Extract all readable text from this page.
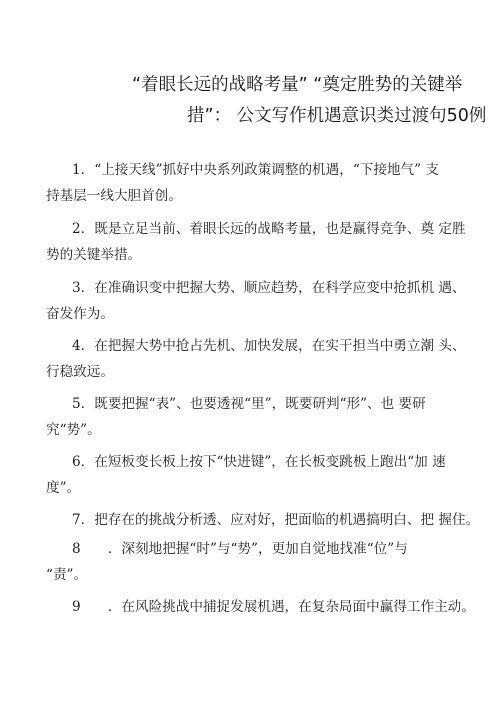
“着眼长远的战略考量” “奠定胜势的关键举
措”： 公文写作机遇意识类过渡句50例
1．“上接天线”抓好中央系列政策调整的机遇，“下接地气” 支
持基层一线大胆首创。
2．既是立足当前、着眼长远的战略考量，也是赢得竞争、奠 定胜
势的关键举措。
3．在准确识变中把握大势、顺应趋势，在科学应变中抢抓机 遇、
奋发作为。
4．在把握大势中抢占先机、加快发展，在实干担当中勇立潮 头、
行稳致远。
5．既要把握“表”、也要透视“里”，既要研判“形”、也 要研
究“势”。
6．在短板变长板上按下“快进键”，在长板变跳板上跑出“加 速
度”。
7．把存在的挑战分析透、应对好，把面临的机遇搞明白、把 握住。
8　　．深刻地把握“时”与“势”，更加自觉地找准“位”与
“责”。
9　　．在风险挑战中捕捉发展机遇，在复杂局面中赢得工作主动。
